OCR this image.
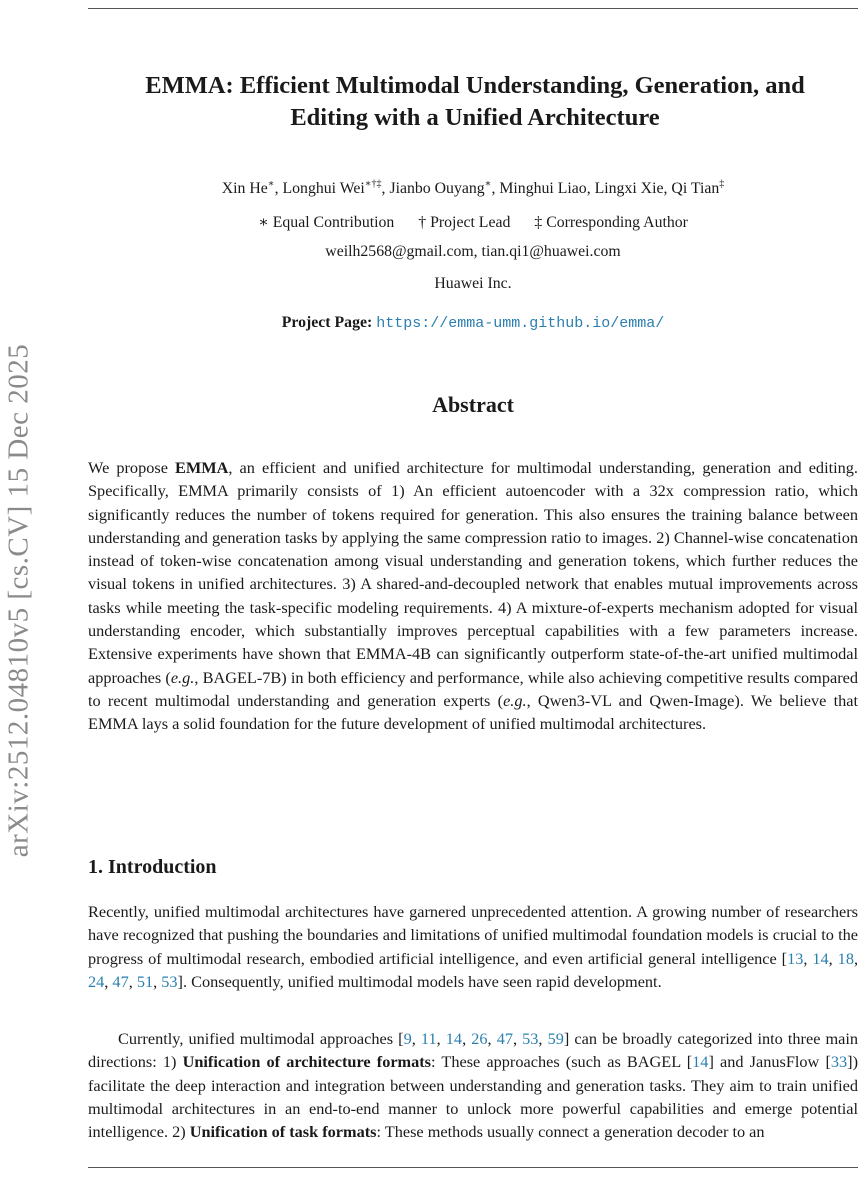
arXiv:2512.04810v5 [cs.CV] 15 Dec 2025
EMMA: Efficient Multimodal Understanding, Generation, and
Editing with a Unified Architecture
Xin He∗, Longhui Wei∗†‡, Jianbo Ouyang∗, Minghui Liao, Lingxi Xie, Qi Tian‡
∗ Equal Contribution † Project Lead ‡ Corresponding Author
weilh2568@gmail.com, tian.qi1@huawei.com
Huawei Inc.
Project Page: https://emma-umm.github.io/emma/
Abstract
We propose EMMA, an efficient and unified architecture for multimodal understanding, generation and editing. Specifically, EMMA primarily consists of 1) An efficient autoencoder with a 32x compression ratio, which significantly reduces the number of tokens required for generation. This also ensures the training balance between understanding and generation tasks by applying the same compression ratio to images. 2) Channel-wise concatenation instead of token-wise concatenation among visual understanding and generation tokens, which further reduces the visual tokens in unified architectures. 3) A shared-and-decoupled network that enables mutual improvements across tasks while meeting the task-specific modeling requirements. 4) A mixture-of-experts mechanism adopted for visual understanding encoder, which substantially improves perceptual capabilities with a few parameters increase. Extensive experiments have shown that EMMA-4B can significantly outperform state-of-the-art unified multimodal approaches (e.g., BAGEL-7B) in both efficiency and performance, while also achieving competitive results compared to recent multimodal understanding and generation experts (e.g., Qwen3-VL and Qwen-Image). We believe that EMMA lays a solid foundation for the future development of unified multimodal architectures.
1. Introduction
Recently, unified multimodal architectures have garnered unprecedented attention. A growing number of researchers have recognized that pushing the boundaries and limitations of unified multimodal foundation models is crucial to the progress of multimodal research, embodied artificial intelligence, and even artificial general intelligence [13, 14, 18, 24, 47, 51, 53]. Consequently, unified multimodal models have seen rapid development.
Currently, unified multimodal approaches [9, 11, 14, 26, 47, 53, 59] can be broadly categorized into three main directions: 1) Unification of architecture formats: These approaches (such as BAGEL [14] and JanusFlow [33]) facilitate the deep interaction and integration between understanding and generation tasks. They aim to train unified multimodal architectures in an end-to-end manner to unlock more powerful capabilities and emerge potential intelligence. 2) Unification of task formats: These methods usually connect a generation decoder to an
